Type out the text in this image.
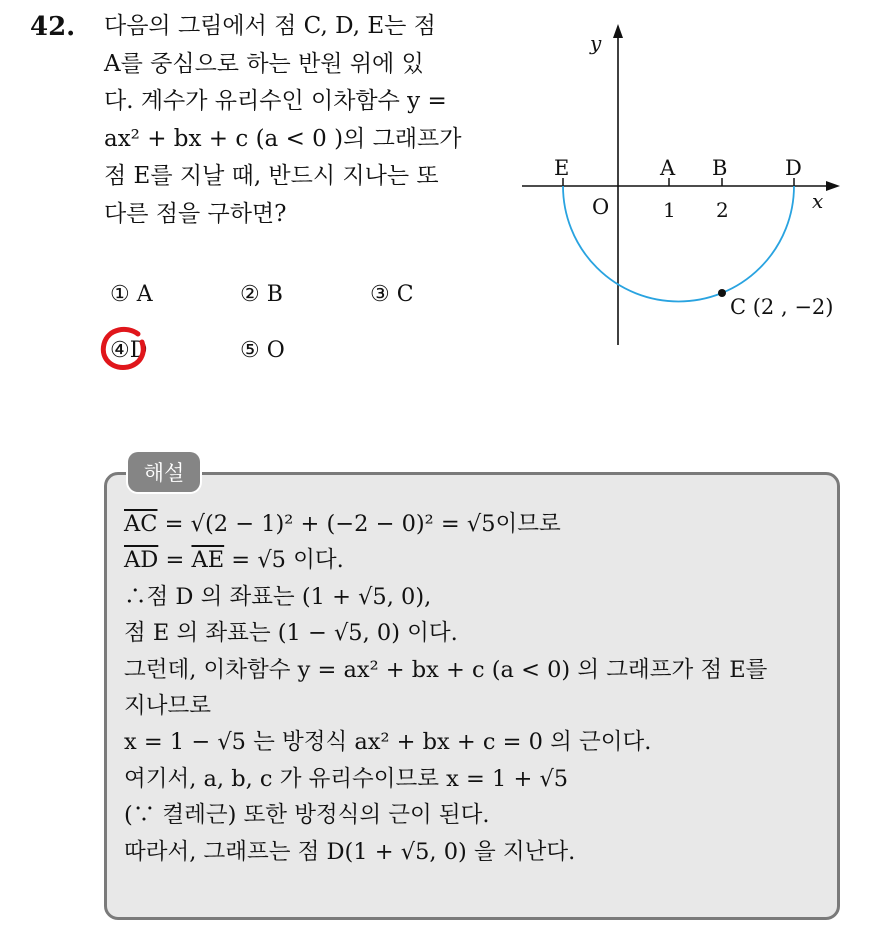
42. 다음의 그림에서 점 C, D, E는 점
A를 중심으로 하는 반원 위에 있
다. 계수가 유리수인 이차함수 y =
ax² + bx + c (a < 0 )의 그래프가
점 E를 지날 때, 반드시 지나는 또
다른 점을 구하면?
① A	② B	③ C
④D	⑤ O
y
x
O
E	A B	D
1 2
C (2 , −2)
해설
$\overline{AC} = √(2 - 1)^2 + (-2 - 0)^2 = √5$이므로
$\overline{AD} = \overline{AE} = √5$ 이다.
∴점 D 의 좌표는 (1 + √5, 0),
점 E 의 좌표는 (1 − √5, 0) 이다.
그런데, 이차함수 y = ax² + bx + c (a < 0) 의 그래프가 점 E를
지나므로
x = 1 − √5 는 방정식 ax² + bx + c = 0 의 근이다.
여기서, a, b, c 가 유리수이므로 x = 1 + √5
(∵ 켤레근) 또한 방정식의 근이 된다.
따라서, 그래프는 점 D(1 + √5, 0) 을 지난다.
